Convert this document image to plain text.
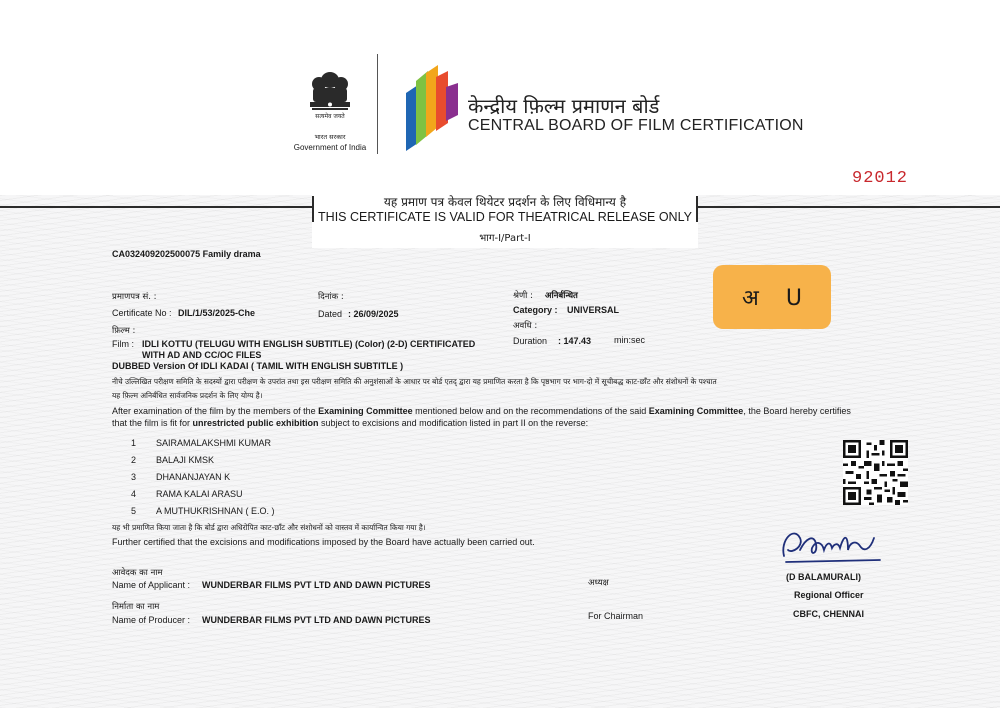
सत्यमेव जयते
भारत सरकार
Government of India
केन्द्रीय फ़िल्म प्रमाणन बोर्ड
CENTRAL BOARD OF FILM CERTIFICATION
92012
यह प्रमाण पत्र केवल थियेटर प्रदर्शन के लिए विधिमान्य है
THIS CERTIFICATE IS VALID FOR THEATRICAL RELEASE ONLY
भाग-I/Part-I
CA032409202500075 Family drama
प्रमाणपत्र सं. :
Certificate No : DIL/1/53/2025-Che
दिनांक :
Dated : 26/09/2025
श्रेणी : अनिर्बन्धित
Category : UNIVERSAL
अवधि :
Duration : 147.43	min:sec
अ U
फ़िल्म :
Film : IDLI KOTTU (TELUGU WITH ENGLISH SUBTITLE) (Color) (2-D) CERTIFICATED
WITH AD AND CC/OC FILES
DUBBED Version Of IDLI KADAI ( TAMIL WITH ENGLISH SUBTITLE )
नीचे उल्लिखित परीक्षण समिति के सदस्यों द्वारा परीक्षण के उपरांत तथा इस परीक्षण समिति की अनुशंसाओं के आधार पर बोर्ड एतद् द्वारा यह प्रमाणित करता है कि पृष्ठभाग पर भाग-दो में सूचीबद्ध काट-छाँट और संशोधनों के पश्चात
यह फ़िल्म अनिर्बंधित सार्वजनिक प्रदर्शन के लिए योग्य है।
After examination of the film by the members of the Examining Committee mentioned below and on the recommendations of the said Examining Committee, the Board hereby certifies
that the film is fit for unrestricted public exhibition subject to excisions and modification listed in part II on the reverse:
1 SAIRAMALAKSHMI KUMAR
2 BALAJI KMSK
3 DHANANJAYAN K
4 RAMA KALAI ARASU
5 A MUTHUKRISHNAN ( E.O. )
यह भी प्रमाणित किया जाता है कि बोर्ड द्वारा अधिरोपित काट-छाँट और संशोधनों को वास्तव में कार्यान्वित किया गया है।
Further certified that the excisions and modifications imposed by the Board have actually been carried out.
आवेदक का नाम
Name of Applicant : WUNDERBAR FILMS PVT LTD AND DAWN PICTURES
निर्माता का नाम
Name of Producer : WUNDERBAR FILMS PVT LTD AND DAWN PICTURES
अध्यक्ष
For Chairman
(D BALAMURALI)
Regional Officer
CBFC, CHENNAI
